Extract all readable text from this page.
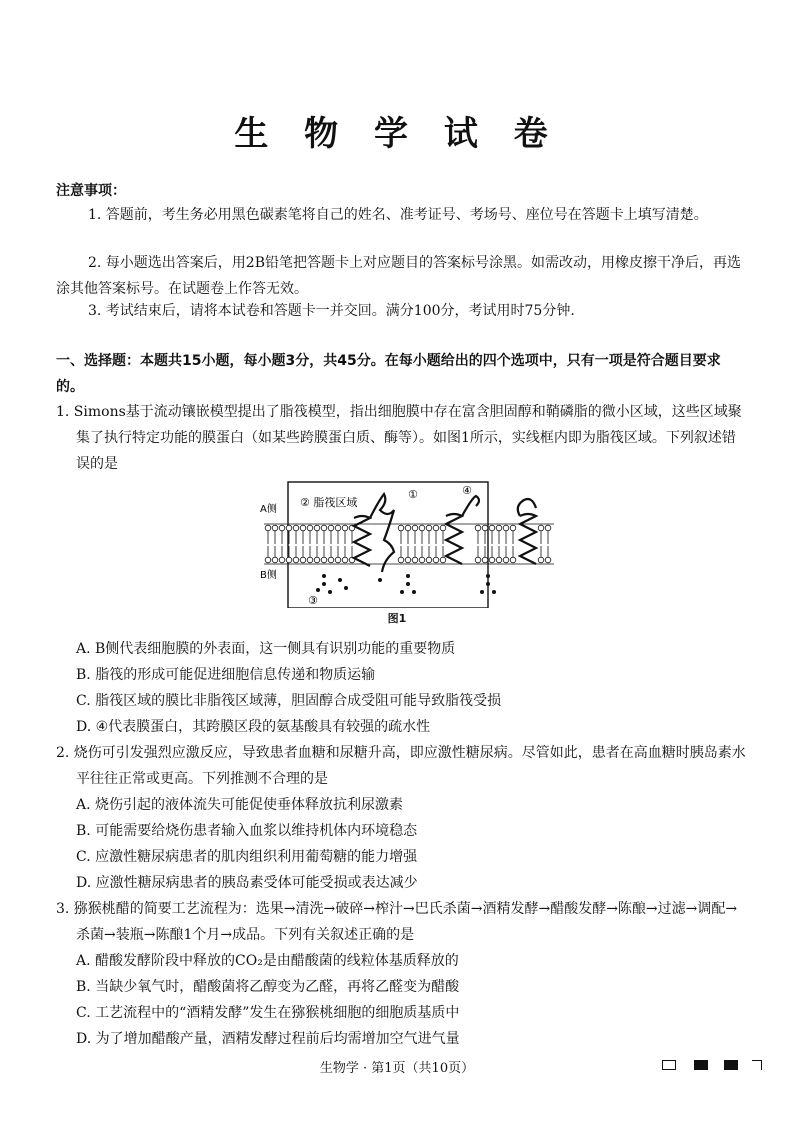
生 物 学 试 卷
注意事项：
1. 答题前，考生务必用黑色碳素笔将自己的姓名、准考证号、考场号、座位号在答题卡上填写清楚。
2. 每小题选出答案后，用2B铅笔把答题卡上对应题目的答案标号涂黑。如需改动，用橡皮擦干净后，再选涂其他答案标号。在试题卷上作答无效。
3. 考试结束后，请将本试卷和答题卡一并交回。满分100分，考试用时75分钟.
一、选择题：本题共15小题，每小题3分，共45分。在每小题给出的四个选项中，只有一项是符合题目要求的。
1. Simons基于流动镶嵌模型提出了脂筏模型，指出细胞膜中存在富含胆固醇和鞘磷脂的微小区域，这些区域聚集了执行特定功能的膜蛋白（如某些跨膜蛋白质、酶等）。如图1所示，实线框内即为脂筏区域。下列叙述错误的是
A侧
B侧
② 脂筏区域
①	④
③
图1
A. B侧代表细胞膜的外表面，这一侧具有识别功能的重要物质
B. 脂筏的形成可能促进细胞信息传递和物质运输
C. 脂筏区域的膜比非脂筏区域薄，胆固醇合成受阻可能导致脂筏受损
D. ④代表膜蛋白，其跨膜区段的氨基酸具有较强的疏水性
2. 烧伤可引发强烈应激反应，导致患者血糖和尿糖升高，即应激性糖尿病。尽管如此，患者在高血糖时胰岛素水平往往正常或更高。下列推测不合理的是
A. 烧伤引起的液体流失可能促使垂体释放抗利尿激素
B. 可能需要给烧伤患者输入血浆以维持机体内环境稳态
C. 应激性糖尿病患者的肌肉组织利用葡萄糖的能力增强
D. 应激性糖尿病患者的胰岛素受体可能受损或表达减少
3. 猕猴桃醋的简要工艺流程为：选果→清洗→破碎→榨汁→巴氏杀菌→酒精发酵→醋酸发酵→陈酿→过滤→调配→杀菌→装瓶→陈酿1个月→成品。下列有关叙述正确的是
A. 醋酸发酵阶段中释放的CO₂是由醋酸菌的线粒体基质释放的
B. 当缺少氧气时，醋酸菌将乙醇变为乙醛，再将乙醛变为醋酸
C. 工艺流程中的“酒精发酵”发生在猕猴桃细胞的细胞质基质中
D. 为了增加醋酸产量，酒精发酵过程前后均需增加空气进气量
生物学 · 第1页（共10页）
